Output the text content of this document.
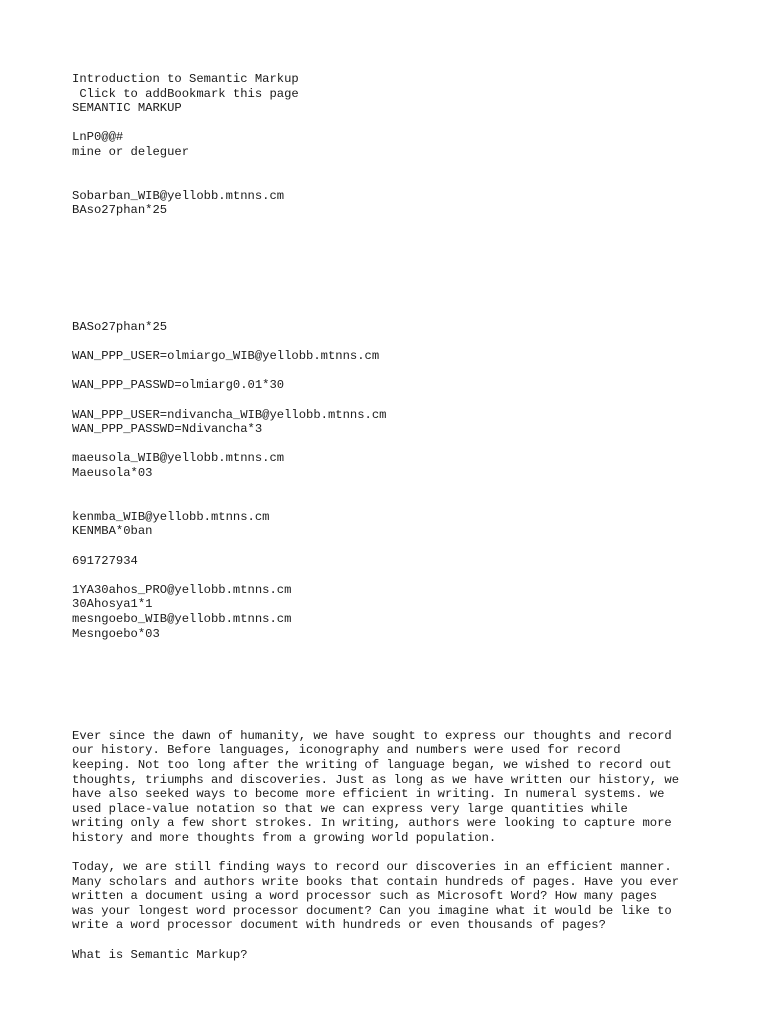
Introduction to Semantic Markup
Click to addBookmark this page
SEMANTIC MARKUP
LnP0@@#
mine or deleguer
Sobarban_WIB@yellobb.mtnns.cm
BAso27phan*25
BASo27phan*25
WAN_PPP_USER=olmiargo_WIB@yellobb.mtnns.cm
WAN_PPP_PASSWD=olmiarg0.01*30
WAN_PPP_USER=ndivancha_WIB@yellobb.mtnns.cm
WAN_PPP_PASSWD=Ndivancha*3
maeusola_WIB@yellobb.mtnns.cm
Maeusola*03
kenmba_WIB@yellobb.mtnns.cm
KENMBA*0ban
691727934
1YA30ahos_PRO@yellobb.mtnns.cm
30Ahosya1*1
mesngoebo_WIB@yellobb.mtnns.cm
Mesngoebo*03
Ever since the dawn of humanity, we have sought to express our thoughts and record
our history. Before languages, iconography and numbers were used for record
keeping. Not too long after the writing of language began, we wished to record out
thoughts, triumphs and discoveries. Just as long as we have written our history, we
have also seeked ways to become more efficient in writing. In numeral systems. we
used place-value notation so that we can express very large quantities while
writing only a few short strokes. In writing, authors were looking to capture more
history and more thoughts from a growing world population.
Today, we are still finding ways to record our discoveries in an efficient manner.
Many scholars and authors write books that contain hundreds of pages. Have you ever
written a document using a word processor such as Microsoft Word? How many pages
was your longest word processor document? Can you imagine what it would be like to
write a word processor document with hundreds or even thousands of pages?
What is Semantic Markup?
